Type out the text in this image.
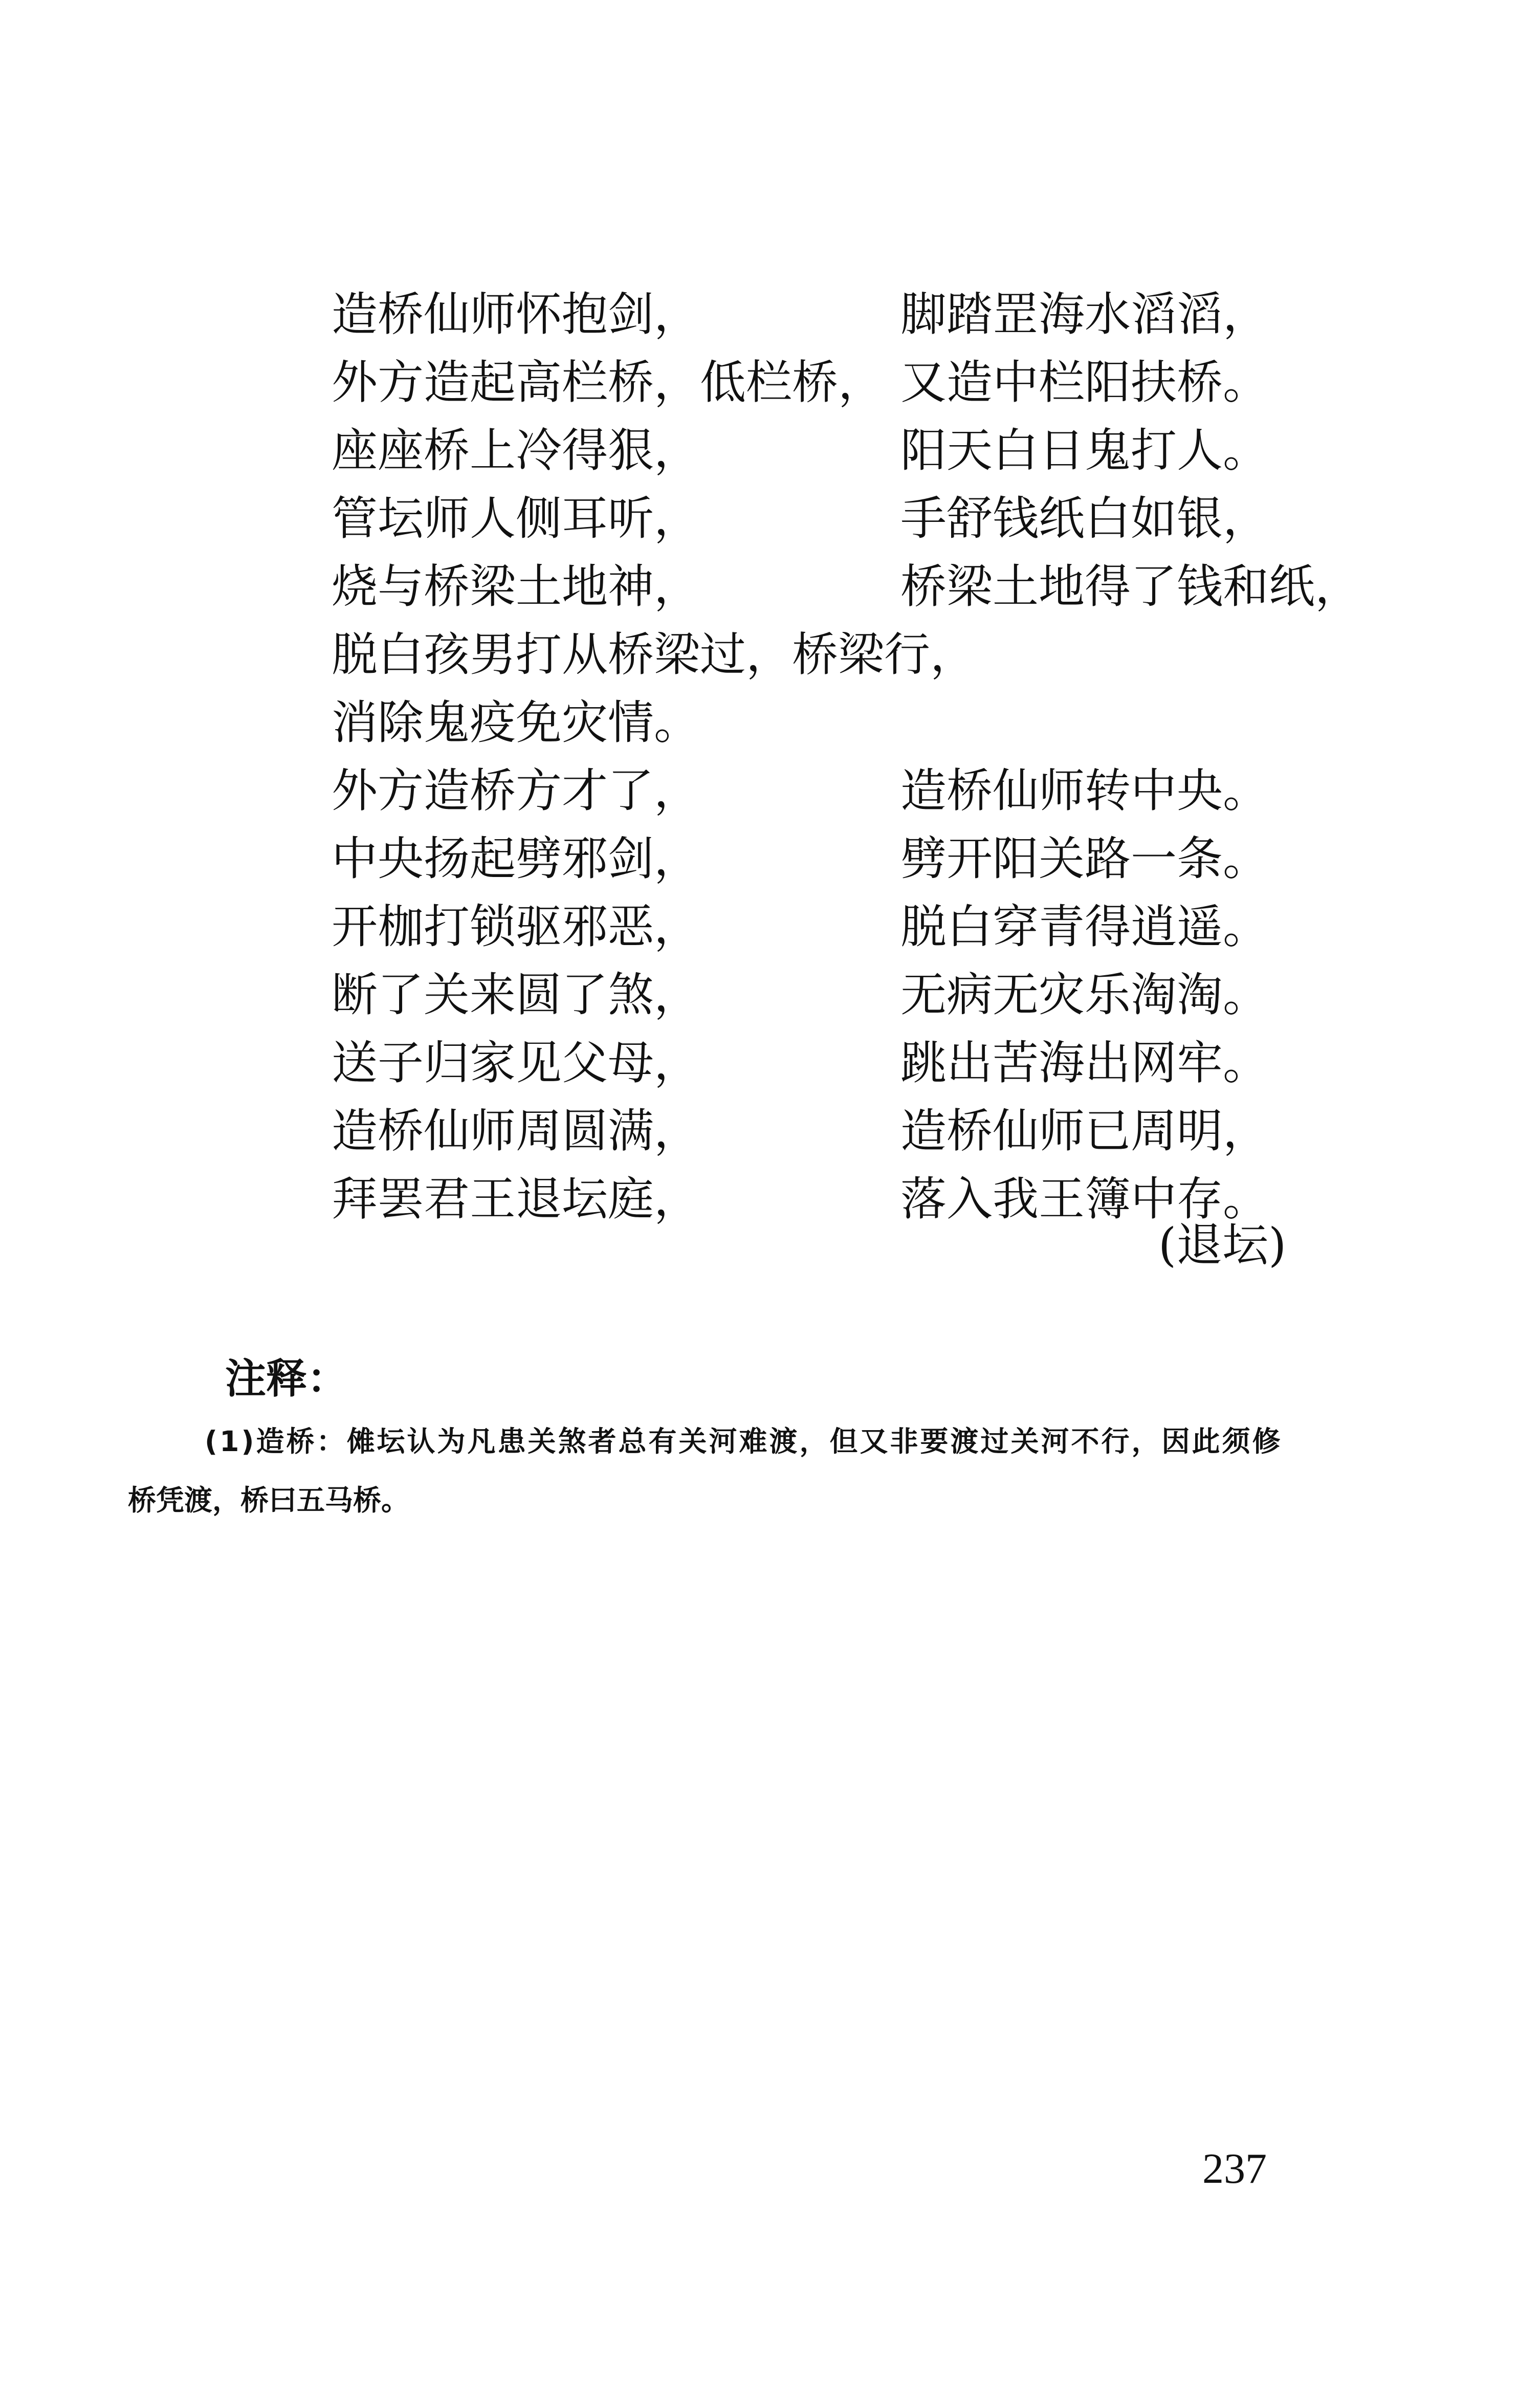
造桥仙师怀抱剑，	脚踏罡海水滔滔，
外方造起高栏桥，低栏桥， 又造中栏阳扶桥。
座座桥上冷得狠，	阳天白日鬼打人。
管坛师人侧耳听，	手舒钱纸白如银，
烧与桥梁土地神，	桥梁土地得了钱和纸，
脱白孩男打从桥梁过，桥梁行，
消除鬼疫免灾情。
外方造桥方才了，	造桥仙师转中央。
中央扬起劈邪剑，	劈开阳关路一条。
开枷打锁驱邪恶，	脱白穿青得逍遥。
断了关来圆了煞，	无病无灾乐淘淘。
送子归家见父母，	跳出苦海出网牢。
造桥仙师周圆满，	造桥仙师已周明，
拜罢君王退坛庭，	落入我王簿中存。
(退坛)
注释：
(1)造桥：傩坛认为凡患关煞者总有关河难渡，但又非要渡过关河不行，因此须修
桥凭渡，桥曰五马桥。
237
